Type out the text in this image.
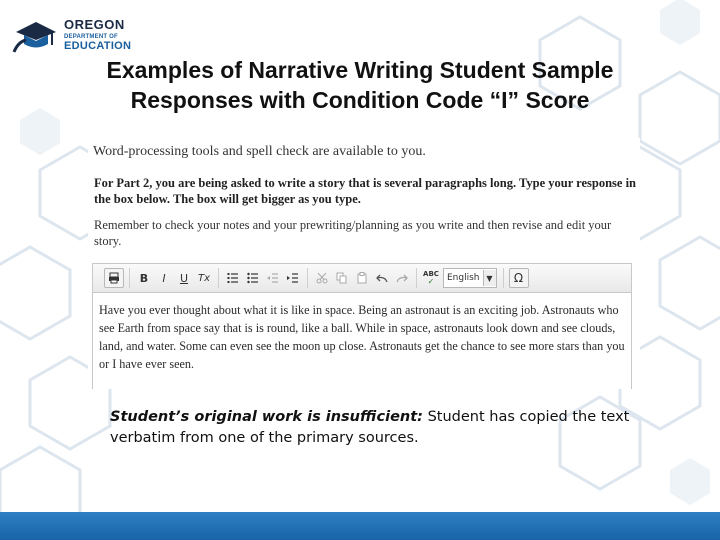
OREGON
DEPARTMENT OF
EDUCATION
Examples of Narrative Writing Student Sample
Responses with Condition Code “I” Score
Word-processing tools and spell check are available to you.
For Part 2, you are being asked to write a story that is several paragraphs long. Type your response in the box below. The box will get bigger as you type.
Remember to check your notes and your prewriting/planning as you write and then revise and edit your story.
B	I	U Tx	ABC
✓ English ▼	Ω
Have you ever thought about what it is like in space. Being an astronaut is an exciting job. Astronauts who see Earth from space say that is is round, like a ball. While in space, astronauts look down and see clouds, land, and water. Some can even see the moon up close. Astronauts get the chance to see more stars than you or I have ever seen.
Student’s original work is insufficient: Student has copied the text verbatim from one of the primary sources.
